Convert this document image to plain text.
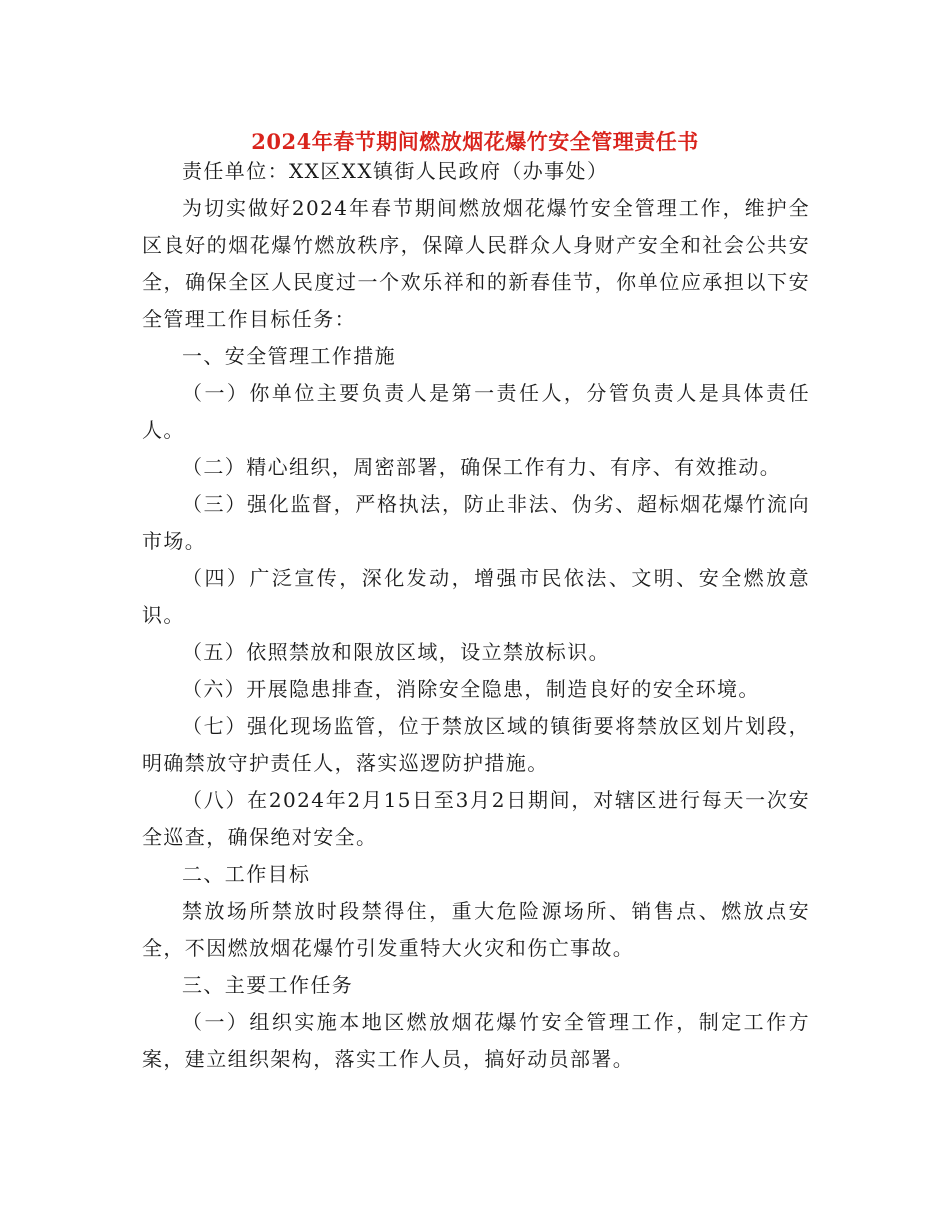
2024年春节期间燃放烟花爆竹安全管理责任书

责任单位：XX区XX镇街人民政府（办事处）

为切实做好2024年春节期间燃放烟花爆竹安全管理工作，维护全区良好的烟花爆竹燃放秩序，保障人民群众人身财产安全和社会公共安全，确保全区人民度过一个欢乐祥和的新春佳节，你单位应承担以下安全管理工作目标任务：

一、安全管理工作措施

（一）你单位主要负责人是第一责任人，分管负责人是具体责任人。

（二）精心组织，周密部署，确保工作有力、有序、有效推动。

（三）强化监督，严格执法，防止非法、伪劣、超标烟花爆竹流向市场。

（四）广泛宣传，深化发动，增强市民依法、文明、安全燃放意识。

（五）依照禁放和限放区域，设立禁放标识。

（六）开展隐患排查，消除安全隐患，制造良好的安全环境。

（七）强化现场监管，位于禁放区域的镇街要将禁放区划片划段，明确禁放守护责任人，落实巡逻防护措施。

（八）在2024年2月15日至3月2日期间，对辖区进行每天一次安全巡查，确保绝对安全。

二、工作目标

禁放场所禁放时段禁得住，重大危险源场所、销售点、燃放点安全，不因燃放烟花爆竹引发重特大火灾和伤亡事故。

三、主要工作任务

（一）组织实施本地区燃放烟花爆竹安全管理工作，制定工作方案，建立组织架构，落实工作人员，搞好动员部署。
